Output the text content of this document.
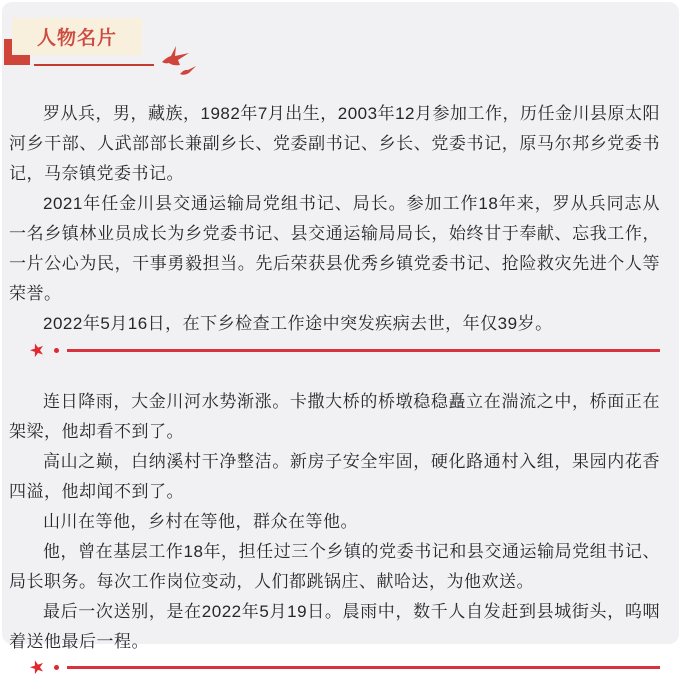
人物名片

罗从兵，男，藏族，1982年7月出生，2003年12月参加工作，历任金川县原太阳河乡干部、人武部部长兼副乡长、党委副书记、乡长、党委书记，原马尔邦乡党委书记，马奈镇党委书记。

2021年任金川县交通运输局党组书记、局长。参加工作18年来，罗从兵同志从一名乡镇林业员成长为乡党委书记、县交通运输局局长，始终甘于奉献、忘我工作，一片公心为民，干事勇毅担当。先后荣获县优秀乡镇党委书记、抢险救灾先进个人等荣誉。

2022年5月16日，在下乡检查工作途中突发疾病去世，年仅39岁。

★

连日降雨，大金川河水势渐涨。卡撒大桥的桥墩稳稳矗立在湍流之中，桥面正在架梁，他却看不到了。

高山之巅，白纳溪村干净整洁。新房子安全牢固，硬化路通村入组，果园内花香四溢，他却闻不到了。

山川在等他，乡村在等他，群众在等他。

他，曾在基层工作18年，担任过三个乡镇的党委书记和县交通运输局党组书记、局长职务。每次工作岗位变动，人们都跳锅庄、献哈达，为他欢送。

最后一次送别，是在2022年5月19日。晨雨中，数千人自发赶到县城街头，呜咽着送他最后一程。

★
